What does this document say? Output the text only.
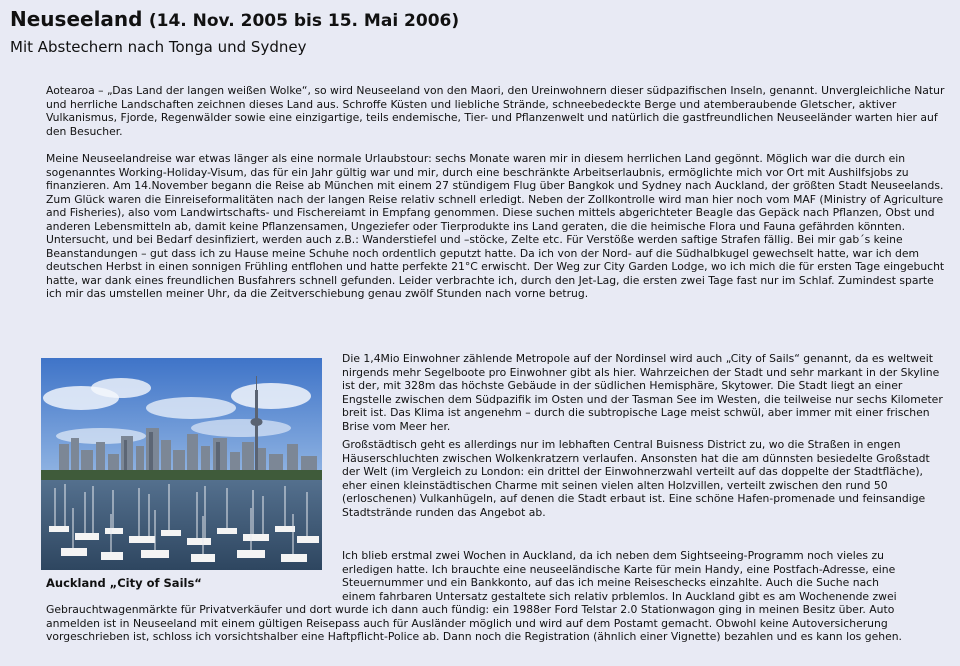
Neuseeland (14. Nov. 2005 bis 15. Mai 2006)
Mit Abstechern nach Tonga und Sydney

Aotearoa – „Das Land der langen weißen Wolke“, so wird Neuseeland von den Maori, den Ureinwohnern dieser südpazifischen Inseln, genannt. Unvergleichliche Natur und herrliche Landschaften zeichnen dieses Land aus. Schroffe Küsten und liebliche Strände, schneebedeckte Berge und atemberaubende Gletscher, aktiver Vulkanismus, Fjorde, Regenwälder sowie eine einzigartige, teils endemische, Tier- und Pflanzenwelt und natürlich die gastfreundlichen Neuseeländer warten hier auf den Besucher.

Meine Neuseelandreise war etwas länger als eine normale Urlaubstour: sechs Monate waren mir in diesem herrlichen Land gegönnt. Möglich war die durch ein sogenanntes Working-Holiday-Visum, das für ein Jahr gültig war und mir, durch eine beschränkte Arbeitserlaubnis, ermöglichte mich vor Ort mit Aushilfsjobs zu finanzieren. Am 14.November begann die Reise ab München mit einem 27 stündigem Flug über Bangkok und Sydney nach Auckland, der größten Stadt Neuseelands. Zum Glück waren die Einreiseformalitäten nach der langen Reise relativ schnell erledigt. Neben der Zollkontrolle wird man hier noch vom MAF (Ministry of Agriculture and Fisheries), also vom Landwirtschafts- und Fischereiamt in Empfang genommen. Diese suchen mittels abgerichteter Beagle das Gepäck nach Pflanzen, Obst und anderen Lebensmitteln ab, damit keine Pflanzensamen, Ungeziefer oder Tierprodukte ins Land geraten, die die heimische Flora und Fauna gefährden könnten. Untersucht, und bei Bedarf desinfiziert, werden auch z.B.: Wanderstiefel und –stöcke, Zelte etc. Für Verstöße werden saftige Strafen fällig. Bei mir gab´s keine Beanstandungen – gut dass ich zu Hause meine Schuhe noch ordentlich geputzt hatte. Da ich von der Nord- auf die Südhalbkugel gewechselt hatte, war ich dem deutschen Herbst in einen sonnigen Frühling entflohen und hatte perfekte 21°C erwischt. Der Weg zur City Garden Lodge, wo ich mich die für ersten Tage eingebucht hatte, war dank eines freundlichen Busfahrers schnell gefunden. Leider verbrachte ich, durch den Jet-Lag, die ersten zwei Tage fast nur im Schlaf. Zumindest sparte ich mir das umstellen meiner Uhr, da die Zeitverschiebung genau zwölf Stunden nach vorne betrug.

Auckland „City of Sails“

Die 1,4Mio Einwohner zählende Metropole auf der Nordinsel wird auch „City of Sails“ genannt, da es weltweit nirgends mehr Segelboote pro Einwohner gibt als hier. Wahrzeichen der Stadt und sehr markant in der Skyline ist der, mit 328m das höchste Gebäude in der südlichen Hemisphäre, Skytower. Die Stadt liegt an einer Engstelle zwischen dem Südpazifik im Osten und der Tasman See im Westen, die teilweise nur sechs Kilometer breit ist. Das Klima ist angenehm – durch die subtropische Lage meist schwül, aber immer mit einer frischen Brise vom Meer her.

Großstädtisch geht es allerdings nur im lebhaften Central Buisness District zu, wo die Straßen in engen Häuserschluchten zwischen Wolkenkratzern verlaufen. Ansonsten hat die am dünnsten besiedelte Großstadt der Welt (im Vergleich zu London: ein drittel der Einwohnerzwahl verteilt auf das doppelte der Stadtfläche), eher einen kleinstädtischen Charme mit seinen vielen alten Holzvillen, verteilt zwischen den rund 50 (erloschenen) Vulkanhügeln, auf denen die Stadt erbaut ist. Eine schöne Hafen-promenade und feinsandige Stadtstrände runden das Angebot ab.

Ich blieb erstmal zwei Wochen in Auckland, da ich neben dem Sightseeing-Programm noch vieles zu
erledigen hatte. Ich brauchte eine neuseeländische Karte für mein Handy, eine Postfach-Adresse, eine
Steuernummer und ein Bankkonto, auf das ich meine Reiseschecks einzahlte. Auch die Suche nach
einem fahrbaren Untersatz gestaltete sich relativ prblemlos. In Auckland gibt es am Wochenende zwei
Gebrauchtwagenmärkte für Privatverkäufer und dort wurde ich dann auch fündig: ein 1988er Ford Telstar 2.0 Stationwagon ging in meinen Besitz über. Auto anmelden ist in Neuseeland mit einem gültigen Reisepass auch für Ausländer möglich und wird auf dem Postamt gemacht. Obwohl keine Autoversicherung vorgeschrieben ist, schloss ich vorsichtshalber eine Haftpflicht-Police ab. Dann noch die Registration (ähnlich einer Vignette) bezahlen und es kann los gehen.
